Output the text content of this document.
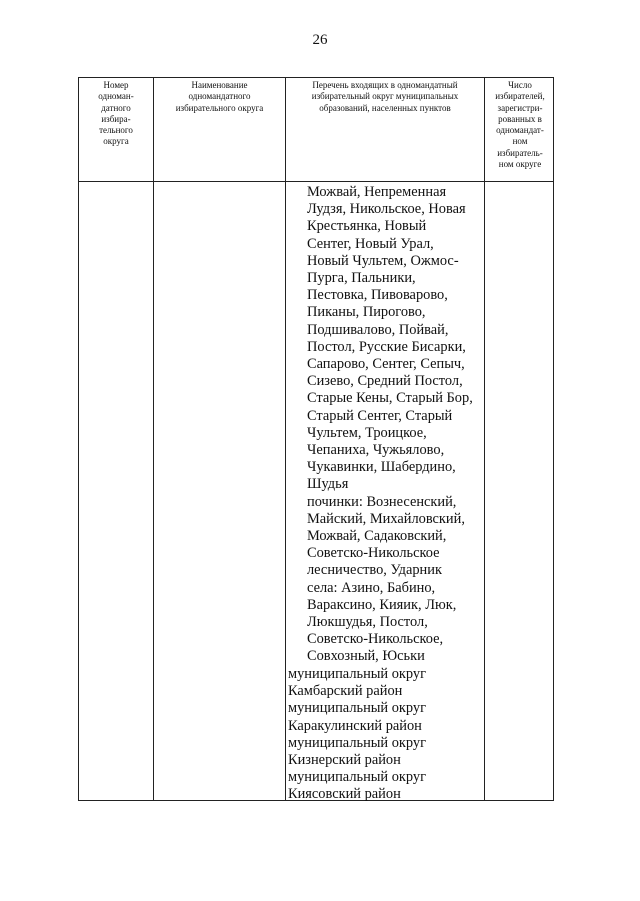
26
Номер
одноман-
датного
избира-
тельного
округа
Наименование
одномандатного
избирательного округа
Перечень входящих в одномандатный
избирательный округ муниципальных
образований, населенных пунктов
Число
избирателей,
зарегистри-
рованных в
одномандат-
ном
избиратель-
ном округе
Можвай, Непременная
Лудзя, Никольское, Новая
Крестьянка, Новый
Сентег, Новый Урал,
Новый Чультем, Ожмос-
Пурга, Пальники,
Пестовка, Пивоварово,
Пиканы, Пирогово,
Подшивалово, Пойвай,
Постол, Русские Бисарки,
Сапарово, Сентег, Сепыч,
Сизево, Средний Постол,
Старые Кены, Старый Бор,
Старый Сентег, Старый
Чультем, Троицкое,
Чепаниха, Чужьялово,
Чукавинки, Шабердино,
Шудья
починки: Вознесенский,
Майский, Михайловский,
Можвай, Садаковский,
Советско-Никольское
лесничество, Ударник
села: Азино, Бабино,
Вараксино, Кияик, Люк,
Люкшудья, Постол,
Советско-Никольское,
Совхозный, Юськи
муниципальный округ
Камбарский район
муниципальный округ
Каракулинский район
муниципальный округ
Кизнерский район
муниципальный округ
Киясовский район
